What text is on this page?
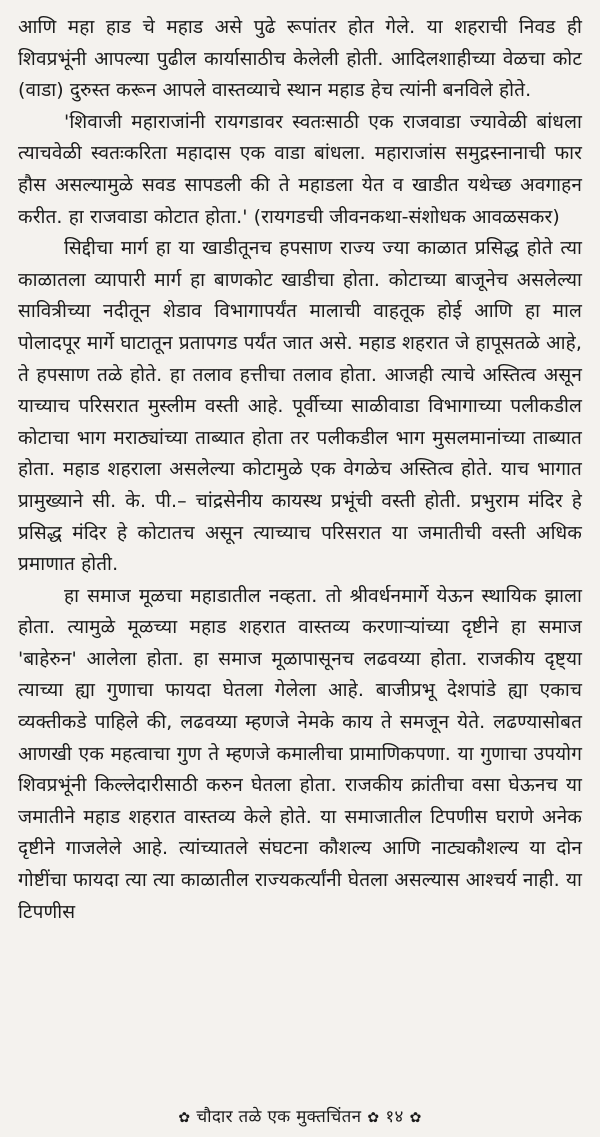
आणि महा हाड चे महाड असे पुढे रूपांतर होत गेले. या शहराची निवड ही शिवप्रभूंनी आपल्या पुढील कार्यासाठीच केलेली होती. आदिलशाहीच्या वेळचा कोट (वाडा) दुरुस्त करून आपले वास्तव्याचे स्थान महाड हेच त्यांनी बनविले होते.

'शिवाजी महाराजांनी रायगडावर स्वतःसाठी एक राजवाडा ज्यावेळी बांधला त्याचवेळी स्वतःकरिता महादास एक वाडा बांधला. महाराजांस समुद्रस्नानाची फार हौस असल्यामुळे सवड सापडली की ते महाडला येत व खाडीत यथेच्छ अवगाहन करीत. हा राजवाडा कोटात होता.' (रायगडची जीवनकथा-संशोधक आवळसकर)

सिद्दीचा मार्ग हा या खाडीतूनच हपसाण राज्य ज्या काळात प्रसिद्ध होते त्या काळातला व्यापारी मार्ग हा बाणकोट खाडीचा होता. कोटाच्या बाजूनेच असलेल्या सावित्रीच्या नदीतून शेडाव विभागापर्यंत मालाची वाहतूक होई आणि हा माल पोलादपूर मार्गे घाटातून प्रतापगड पर्यंत जात असे. महाड शहरात जे हापूसतळे आहे, ते हपसाण तळे होते. हा तलाव हत्तीचा तलाव होता. आजही त्याचे अस्तित्व असून याच्याच परिसरात मुस्लीम वस्ती आहे. पूर्वीच्या साळीवाडा विभागाच्या पलीकडील कोटाचा भाग मराठ्यांच्या ताब्यात होता तर पलीकडील भाग मुसलमानांच्या ताब्यात होता. महाड शहराला असलेल्या कोटामुळे एक वेगळेच अस्तित्व होते. याच भागात प्रामुख्याने सी. के. पी.– चांद्रसेनीय कायस्थ प्रभूंची वस्ती होती. प्रभुराम मंदिर हे प्रसिद्ध मंदिर हे कोटातच असून त्याच्याच परिसरात या जमातीची वस्ती अधिक प्रमाणात होती.

हा समाज मूळचा महाडातील नव्हता. तो श्रीवर्धनमार्गे येऊन स्थायिक झाला होता. त्यामुळे मूळच्या महाड शहरात वास्तव्य करणाऱ्यांच्या दृष्टीने हा समाज 'बाहेरुन' आलेला होता. हा समाज मूळापासूनच लढवय्या होता. राजकीय दृष्ट्या त्याच्या ह्या गुणाचा फायदा घेतला गेलेला आहे. बाजीप्रभू देशपांडे ह्या एकाच व्यक्तीकडे पाहिले की, लढवय्या म्हणजे नेमके काय ते समजून येते. लढण्यासोबत आणखी एक महत्वाचा गुण ते म्हणजे कमालीचा प्रामाणिकपणा. या गुणाचा उपयोग शिवप्रभूंनी किल्लेदारीसाठी करुन घेतला होता. राजकीय क्रांतीचा वसा घेऊनच या जमातीने महाड शहरात वास्तव्य केले होते. या समाजातील टिपणीस घराणे अनेक दृष्टीने गाजलेले आहे. त्यांच्यातले संघटना कौशल्य आणि नाट्यकौशल्य या दोन गोष्टींचा फायदा त्या त्या काळातील राज्यकर्त्यांनी घेतला असल्यास आश्चर्य नाही. या टिपणीस

✿ चौदार तळे एक मुक्तचिंतन ✿ १४ ✿
